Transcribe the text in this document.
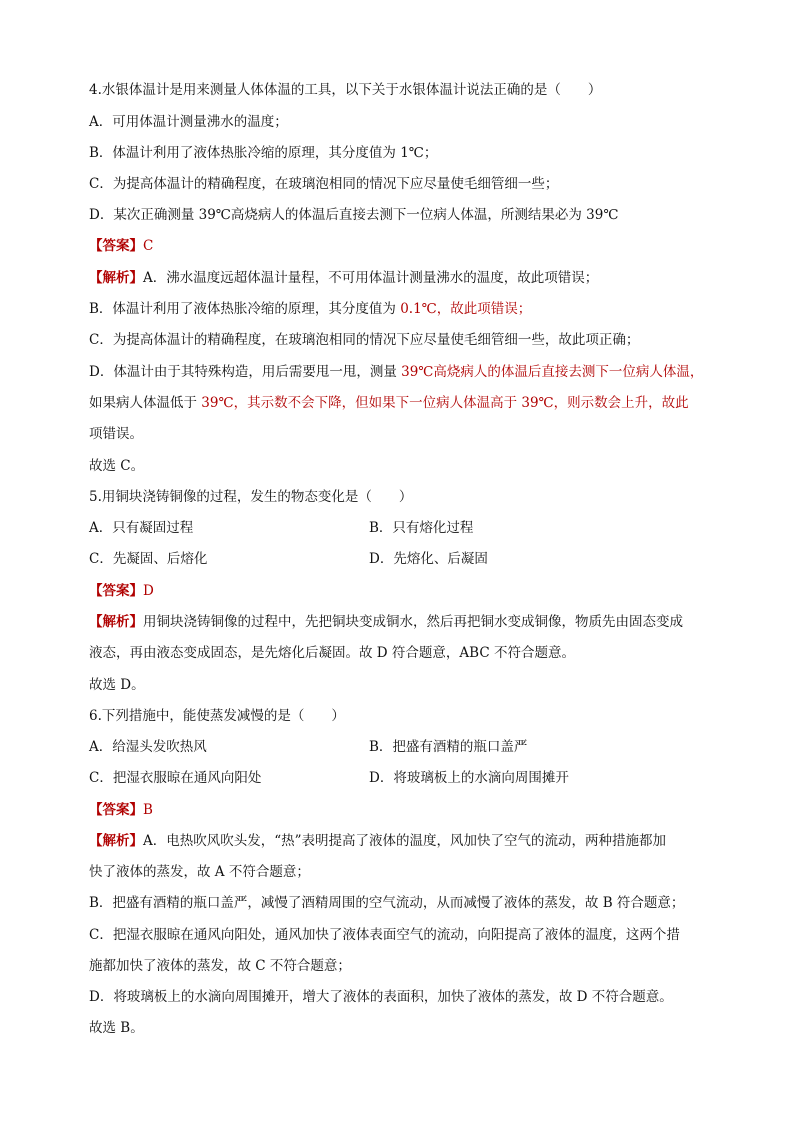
4.水银体温计是用来测量人体体温的工具，以下关于水银体温计说法正确的是（　　）
A．可用体温计测量沸水的温度；
B．体温计利用了液体热胀冷缩的原理，其分度值为 1℃；
C．为提高体温计的精确程度，在玻璃泡相同的情况下应尽量使毛细管细一些；
D．某次正确测量 39℃高烧病人的体温后直接去测下一位病人体温，所测结果必为 39℃
【答案】C
【解析】A．沸水温度远超体温计量程，不可用体温计测量沸水的温度，故此项错误；
B．体温计利用了液体热胀冷缩的原理，其分度值为 0.1℃，故此项错误；
C．为提高体温计的精确程度，在玻璃泡相同的情况下应尽量使毛细管细一些，故此项正确；
D．体温计由于其特殊构造，用后需要甩一甩，测量 39℃高烧病人的体温后直接去测下一位病人体温，
如果病人体温低于 39℃，其示数不会下降，但如果下一位病人体温高于 39℃，则示数会上升，故此
项错误。
故选 C。
5.用铜块浇铸铜像的过程，发生的物态变化是（　　）
A．只有凝固过程	B．只有熔化过程
C．先凝固、后熔化	D．先熔化、后凝固
【答案】D
【解析】用铜块浇铸铜像的过程中，先把铜块变成铜水，然后再把铜水变成铜像，物质先由固态变成
液态，再由液态变成固态，是先熔化后凝固。故 D 符合题意，ABC 不符合题意。
故选 D。
6.下列措施中，能使蒸发减慢的是（　　）
A．给湿头发吹热风	B．把盛有酒精的瓶口盖严
C．把湿衣服晾在通风向阳处	D．将玻璃板上的水滴向周围摊开
【答案】B
【解析】A．电热吹风吹头发，“热”表明提高了液体的温度，风加快了空气的流动，两种措施都加
快了液体的蒸发，故 A 不符合题意；
B．把盛有酒精的瓶口盖严，减慢了酒精周围的空气流动，从而减慢了液体的蒸发，故 B 符合题意；
C．把湿衣服晾在通风向阳处，通风加快了液体表面空气的流动，向阳提高了液体的温度，这两个措
施都加快了液体的蒸发，故 C 不符合题意；
D．将玻璃板上的水滴向周围摊开，增大了液体的表面积，加快了液体的蒸发，故 D 不符合题意。
故选 B。
